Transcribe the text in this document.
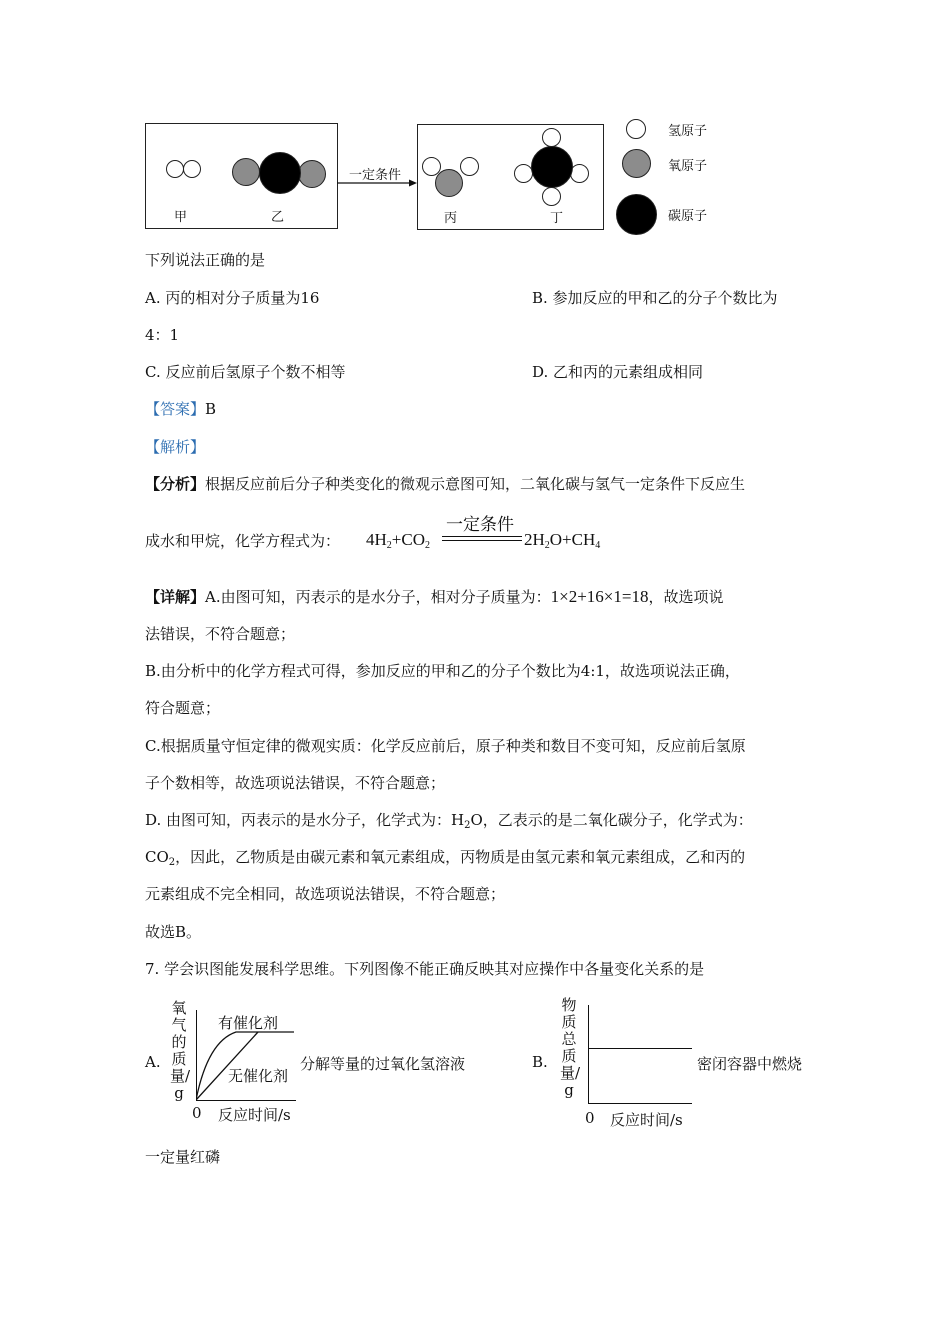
甲	乙
一定条件
丙	丁
氢原子
氧原子
碳原子
下列说法正确的是
A. 丙的相对分子质量为16	B. 参加反应的甲和乙的分子个数比为
4：1
C. 反应前后氢原子个数不相等	D. 乙和丙的元素组成相同
【答案】B
【解析】
【分析】根据反应前后分子种类变化的微观示意图可知，二氧化碳与氢气一定条件下反应生
成水和甲烷，化学方程式为： $4H_2+CO_2$
一定条件
$2H_2O+CH_4$
【详解】A.由图可知，丙表示的是水分子，相对分子质量为：1×2+16×1=18，故选项说
法错误，不符合题意；
B.由分析中的化学方程式可得，参加反应的甲和乙的分子个数比为4:1，故选项说法正确，
符合题意；
C.根据质量守恒定律的微观实质：化学反应前后，原子种类和数目不变可知，反应前后氢原
子个数相等，故选项说法错误，不符合题意；
D. 由图可知，丙表示的是水分子，化学式为：$H_2O$，乙表示的是二氧化碳分子，化学式为：
$CO_2$，因此，乙物质是由碳元素和氧元素组成，丙物质是由氢元素和氧元素组成，乙和丙的
元素组成不完全相同，故选项说法错误，不符合题意；
故选B。
7. 学会识图能发展科学思维。下列图像不能正确反映其对应操作中各量变化关系的是
A.
氧气的质量/g
有催化剂
无催化剂
0 反应时间/s
分解等量的过氧化氢溶液	B.
物质总质量/g
0 反应时间/s
密闭容器中燃烧
一定量红磷
